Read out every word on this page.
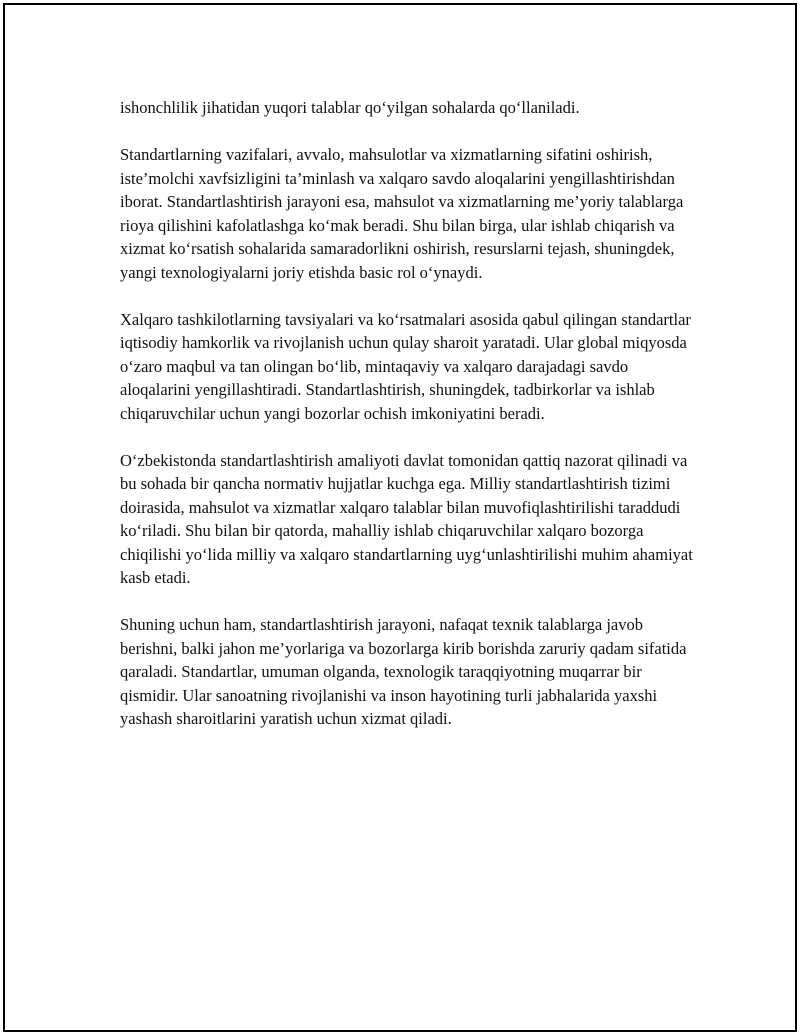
ishonchlilik jihatidan yuqori talablar qo‘yilgan sohalarda qo‘llaniladi.

Standartlarning vazifalari, avvalo, mahsulotlar va xizmatlarning sifatini oshirish, iste’molchi xavfsizligini ta’minlash va xalqaro savdo aloqalarini yengillashtirishdan iborat. Standartlashtirish jarayoni esa, mahsulot va xizmatlarning me’yoriy talablarga rioya qilishini kafolatlashga ko‘mak beradi. Shu bilan birga, ular ishlab chiqarish va xizmat ko‘rsatish sohalarida samaradorlikni oshirish, resurslarni tejash, shuningdek, yangi texnologiyalarni joriy etishda basic rol o‘ynaydi.

Xalqaro tashkilotlarning tavsiyalari va ko‘rsatmalari asosida qabul qilingan standartlar iqtisodiy hamkorlik va rivojlanish uchun qulay sharoit yaratadi. Ular global miqyosda o‘zaro maqbul va tan olingan bo‘lib, mintaqaviy va xalqaro darajadagi savdo aloqalarini yengillashtiradi. Standartlashtirish, shuningdek, tadbirkorlar va ishlab chiqaruvchilar uchun yangi bozorlar ochish imkoniyatini beradi.

O‘zbekistonda standartlashtirish amaliyoti davlat tomonidan qattiq nazorat qilinadi va bu sohada bir qancha normativ hujjatlar kuchga ega. Milliy standartlashtirish tizimi doirasida, mahsulot va xizmatlar xalqaro talablar bilan muvofiqlashtirilishi taraddudi ko‘riladi. Shu bilan bir qatorda, mahalliy ishlab chiqaruvchilar xalqaro bozorga chiqilishi yo‘lida milliy va xalqaro standartlarning uyg‘unlashtirilishi muhim ahamiyat kasb etadi.

Shuning uchun ham, standartlashtirish jarayoni, nafaqat texnik talablarga javob berishni, balki jahon me’yorlariga va bozorlarga kirib borishda zaruriy qadam sifatida qaraladi. Standartlar, umuman olganda, texnologik taraqqiyotning muqarrar bir qismidir. Ular sanoatning rivojlanishi va inson hayotining turli jabhalarida yaxshi yashash sharoitlarini yaratish uchun xizmat qiladi.
